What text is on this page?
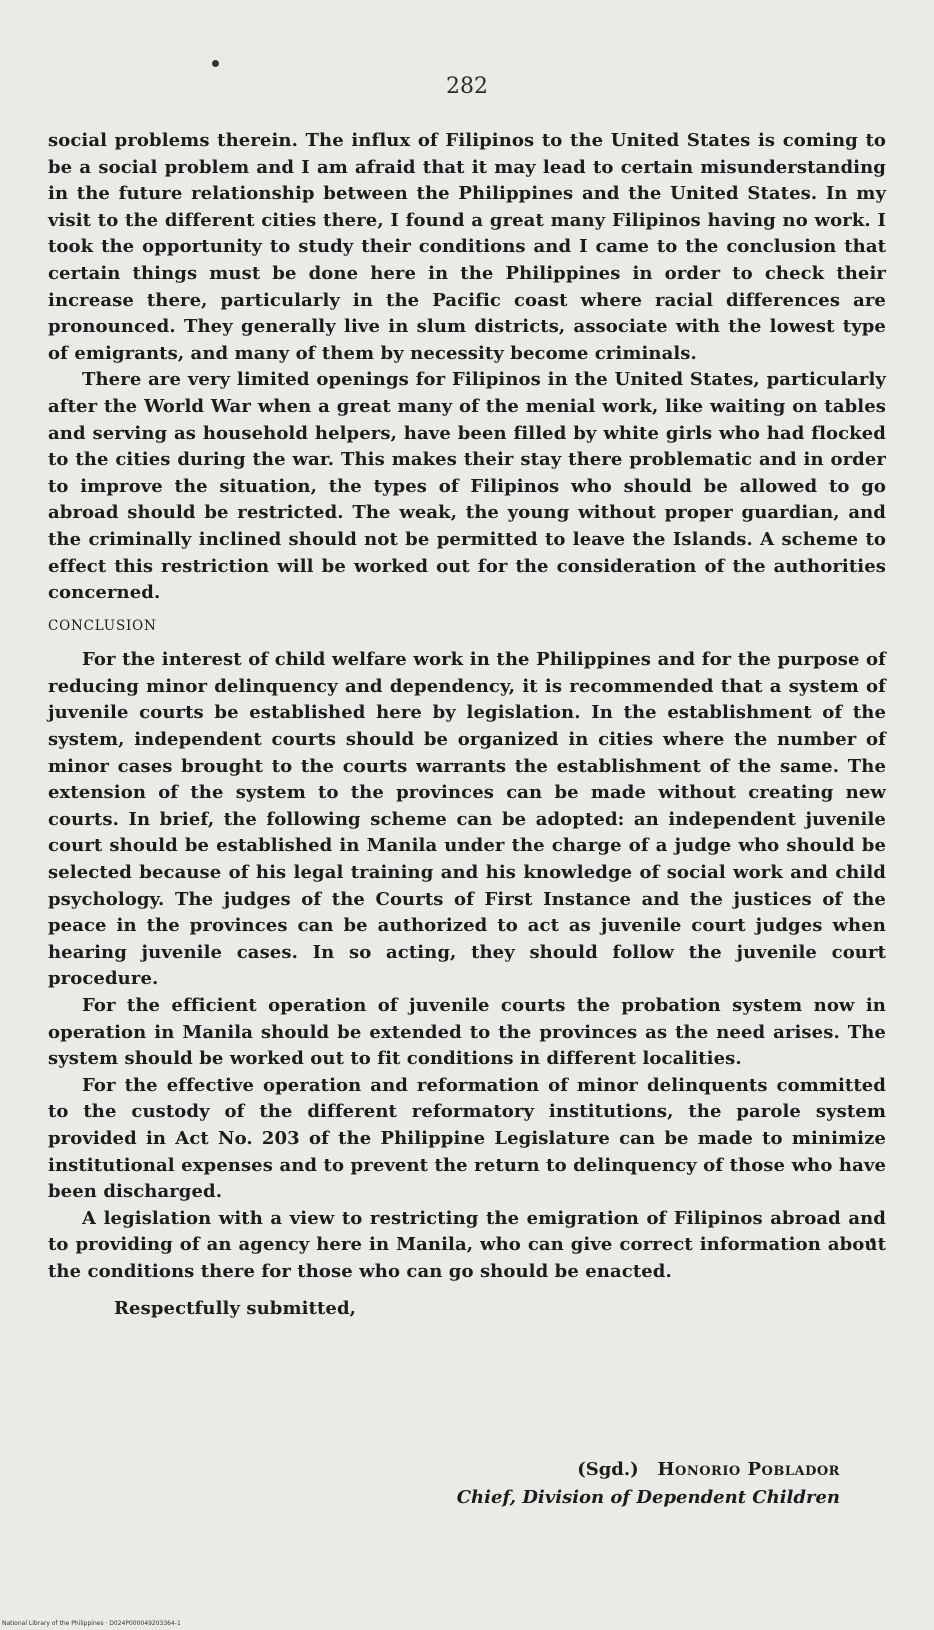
282

social problems therein. The influx of Filipinos to the United States is coming to be a social problem and I am afraid that it may lead to certain misunderstanding in the future relationship between the Philippines and the United States. In my visit to the different cities there, I found a great many Filipinos having no work. I took the opportunity to study their conditions and I came to the conclusion that certain things must be done here in the Philippines in order to check their increase there, particularly in the Pacific coast where racial differences are pronounced. They generally live in slum districts, associate with the lowest type of emigrants, and many of them by necessity become criminals.

There are very limited openings for Filipinos in the United States, particularly after the World War when a great many of the menial work, like waiting on tables and serving as household helpers, have been filled by white girls who had flocked to the cities during the war. This makes their stay there problematic and in order to improve the situation, the types of Filipinos who should be allowed to go abroad should be restricted. The weak, the young without proper guardian, and the criminally inclined should not be permitted to leave the Islands. A scheme to effect this restriction will be worked out for the consideration of the authorities concerned.

CONCLUSION

For the interest of child welfare work in the Philippines and for the purpose of reducing minor delinquency and dependency, it is recommended that a system of juvenile courts be established here by legislation. In the establishment of the system, independent courts should be organized in cities where the number of minor cases brought to the courts warrants the establishment of the same. The extension of the system to the provinces can be made without creating new courts. In brief, the following scheme can be adopted: an independent juvenile court should be established in Manila under the charge of a judge who should be selected because of his legal training and his knowledge of social work and child psychology. The judges of the Courts of First Instance and the justices of the peace in the provinces can be authorized to act as juvenile court judges when hearing juvenile cases. In so acting, they should follow the juvenile court procedure.

For the efficient operation of juvenile courts the probation system now in operation in Manila should be extended to the provinces as the need arises. The system should be worked out to fit conditions in different localities.

For the effective operation and reformation of minor delinquents committed to the custody of the different reformatory institutions, the parole system provided in Act No. 203 of the Philippine Legislature can be made to minimize institutional expenses and to prevent the return to delinquency of those who have been discharged.

A legislation with a view to restricting the emigration of Filipinos abroad and to providing of an agency here in Manila, who can give correct information about the conditions there for those who can go should be enacted.

Respectfully submitted,

(Sgd.) Honorio Poblador
Chief, Division of Dependent Children
National Library of the Philippines · D024P000049203364-1
